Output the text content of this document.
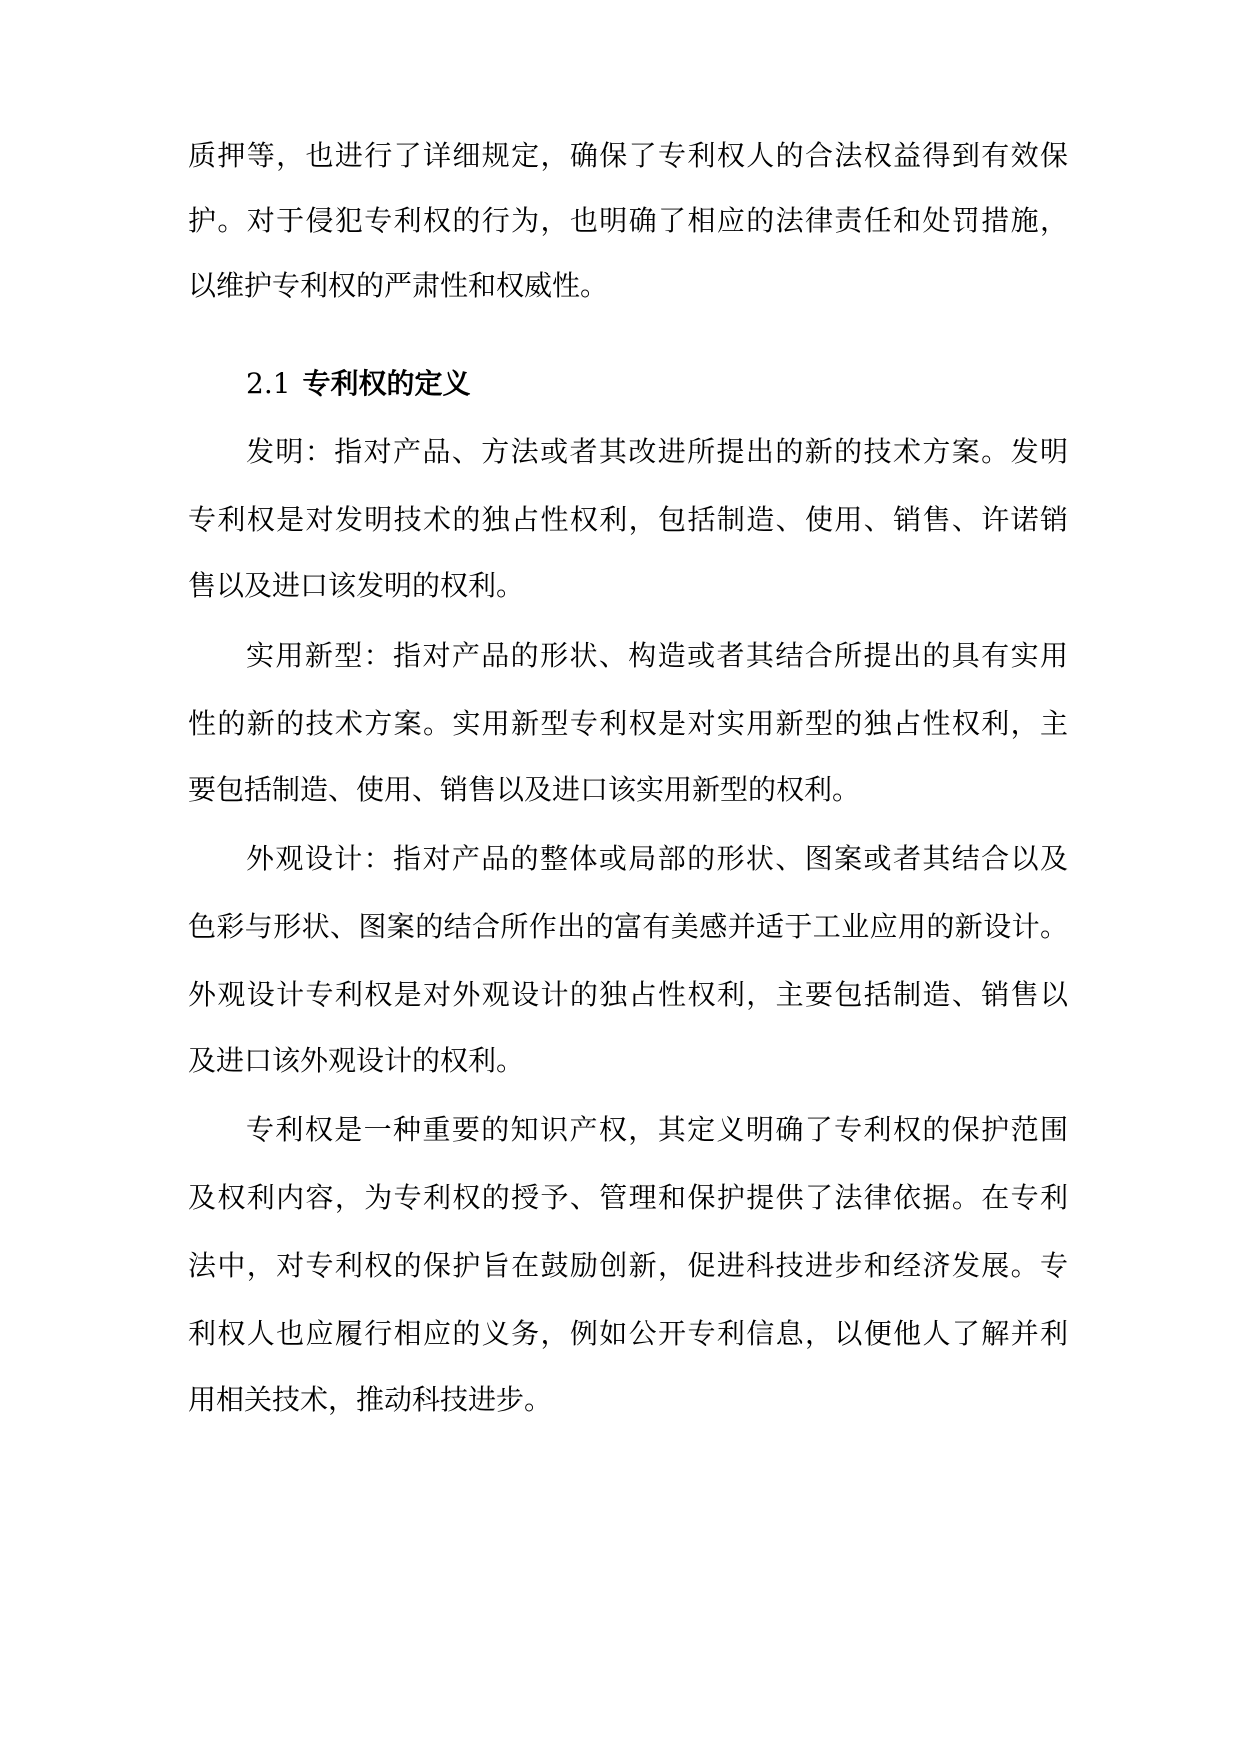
质押等，也进行了详细规定，确保了专利权人的合法权益得到有效保
护。对于侵犯专利权的行为，也明确了相应的法律责任和处罚措施，
以维护专利权的严肃性和权威性。
2.1 专利权的定义
发明：指对产品、方法或者其改进所提出的新的技术方案。发明
专利权是对发明技术的独占性权利，包括制造、使用、销售、许诺销
售以及进口该发明的权利。
实用新型：指对产品的形状、构造或者其结合所提出的具有实用
性的新的技术方案。实用新型专利权是对实用新型的独占性权利，主
要包括制造、使用、销售以及进口该实用新型的权利。
外观设计：指对产品的整体或局部的形状、图案或者其结合以及
色彩与形状、图案的结合所作出的富有美感并适于工业应用的新设计。
外观设计专利权是对外观设计的独占性权利，主要包括制造、销售以
及进口该外观设计的权利。
专利权是一种重要的知识产权，其定义明确了专利权的保护范围
及权利内容，为专利权的授予、管理和保护提供了法律依据。在专利
法中，对专利权的保护旨在鼓励创新，促进科技进步和经济发展。专
利权人也应履行相应的义务，例如公开专利信息，以便他人了解并利
用相关技术，推动科技进步。
